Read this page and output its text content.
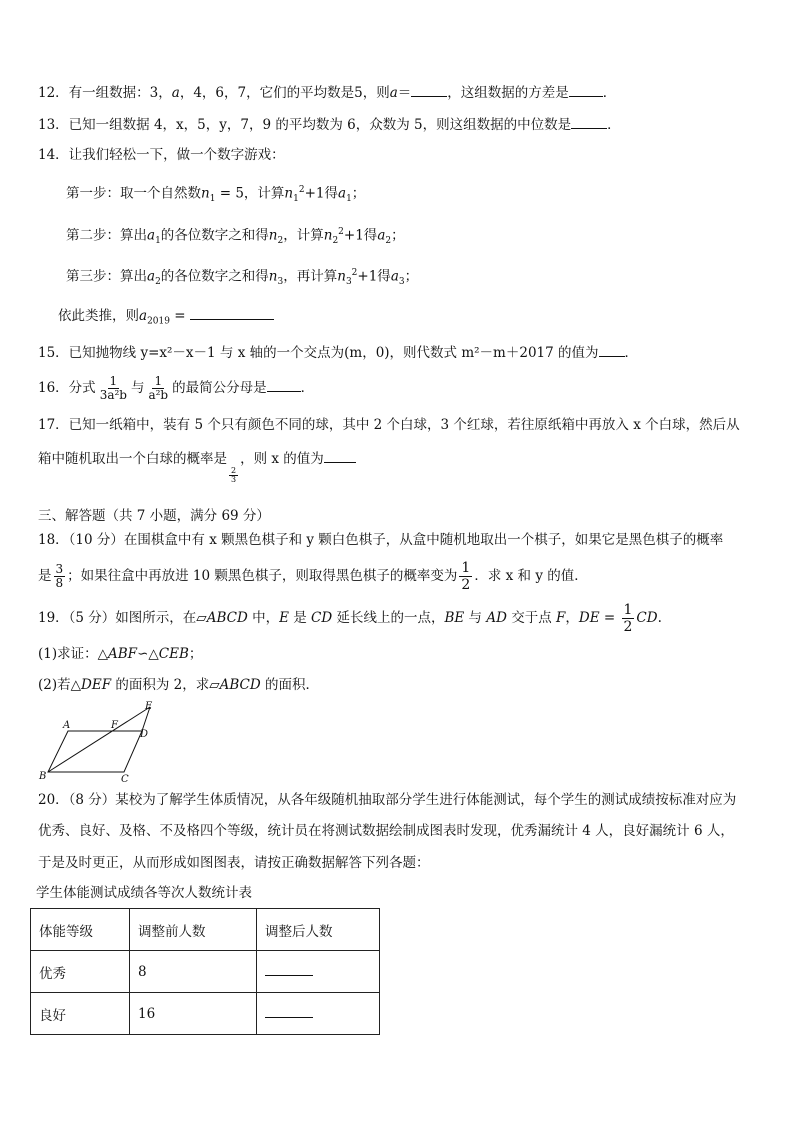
12．有一组数据：3，a，4，6，7，它们的平均数是5，则a＝	，这组数据的方差是	．
13．已知一组数据 4，x，5，y，7，9 的平均数为 6，众数为 5，则这组数据的中位数是	．
14．让我们轻松一下，做一个数字游戏：
第一步：取一个自然数$n_1 = 5$，计算$n_1^2+1$得$a_1$；
第二步：算出$a_1$的各位数字之和得$n_2$，计算$n_2^2+1$得$a_2$；
第三步：算出$a_2$的各位数字之和得$n_3$，再计算$n_3^2+1$得$a_3$；
依此类推，则$a_{2019}$ =
15．已知抛物线 y=x²－x－1 与 x 轴的一个交点为(m，0)，则代数式 m²－m＋2017 的值为 ．
16．分式 $\frac{1}{\text{3a²b}}$ 与 $\frac{1}{\text{a²b}}$ 的最简公分母是	．
17．已知一纸箱中，装有 5 个只有颜色不同的球，其中 2 个白球，3 个红球，若往原纸箱中再放入 x 个白球，然后从
箱中随机取出一个白球的概率是
$\frac{2}{3}$
，则 x 的值为
三、解答题（共 7 小题，满分 69 分）
18．（10 分）在围棋盒中有 x 颗黑色棋子和 y 颗白色棋子，从盒中随机地取出一个棋子，如果它是黑色棋子的概率
是 $\frac{3}{8}$ ；如果往盒中再放进 10 颗黑色棋子，则取得黑色棋子的概率变为 $\frac{1}{2}$ ．求 x 和 y 的值．
19．（5 分）如图所示，在▱ABCD 中，E 是 CD 延长线上的一点，BE 与 AD 交于点 F，DE = $\frac{1}{2}$ CD.
(1)求证：△ABF∽△CEB；
(2)若△DEF 的面积为 2，求▱ABCD 的面积．
A	F
E
D
B	C
20．（8 分）某校为了解学生体质情况，从各年级随机抽取部分学生进行体能测试，每个学生的测试成绩按标准对应为
优秀、良好、及格、不及格四个等级，统计员在将测试数据绘制成图表时发现，优秀漏统计 4 人，良好漏统计 6 人，
于是及时更正，从而形成如图图表，请按正确数据解答下列各题：
学生体能测试成绩各等次人数统计表
体能等级	调整前人数	调整后人数
优秀	8	
良好	16	
